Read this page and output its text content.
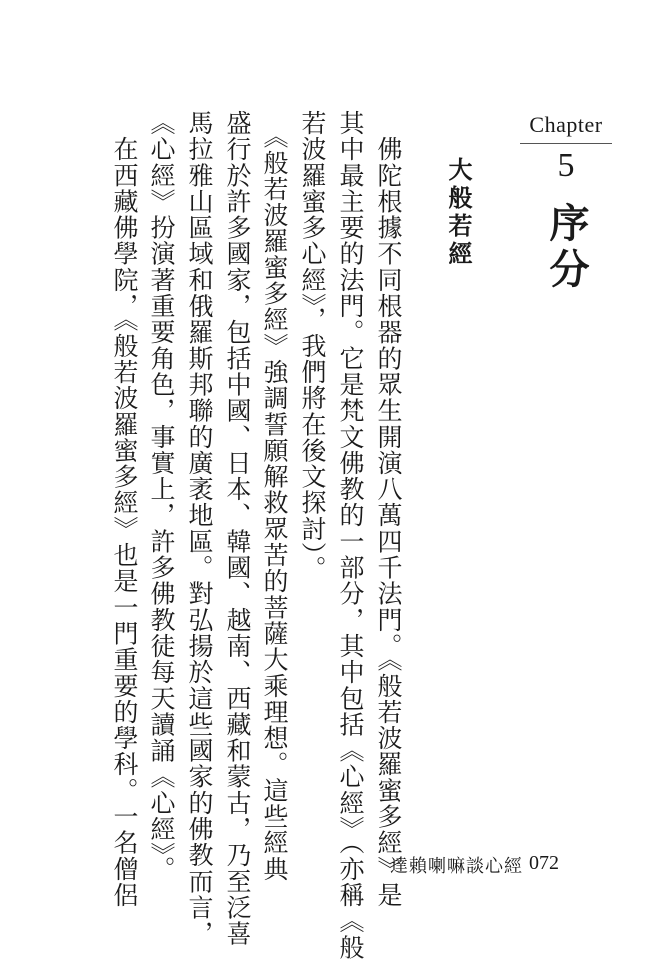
Chapter
5
序分
大般若經
　佛陀根據不同根器的眾生開演八萬四千法門。《般若波羅蜜多經》是
其中最主要的法門。它是梵文佛教的一部分，其中包括《心經》（亦稱《般
若波羅蜜多心經》，我們將在後文探討）。
　《般若波羅蜜多經》強調誓願解救眾苦的菩薩大乘理想。這些經典
盛行於許多國家，包括中國、日本、韓國、越南、西藏和蒙古，乃至泛喜
馬拉雅山區域和俄羅斯邦聯的廣袤地區。對弘揚於這些國家的佛教而言，
《心經》扮演著重要角色，事實上，許多佛教徒每天讀誦《心經》。
　在西藏佛學院，《般若波羅蜜多經》也是一門重要的學科。一名僧侶	達賴喇嘛談心經 072
